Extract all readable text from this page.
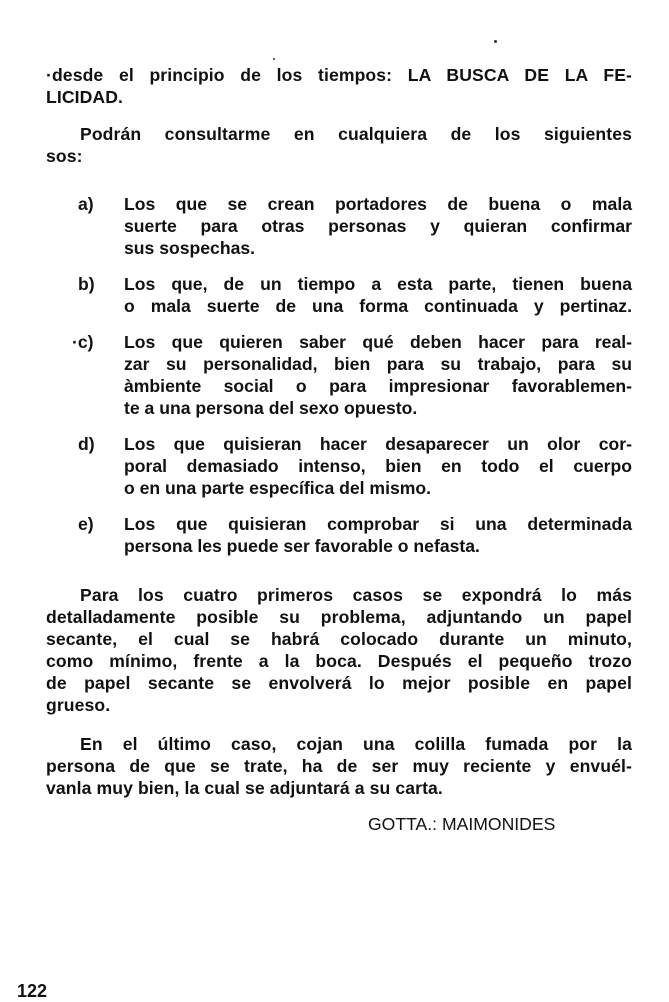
·desde el principio de los tiempos: LA BUSCA DE LA FE-
LICIDAD.
Podrán consultarme en cualquiera de los siguientes
sos:
a) Los que se crean portadores de buena o mala
suerte para otras personas y quieran confirmar
sus sospechas.
b) Los que, de un tiempo a esta parte, tienen buena
o mala suerte de una forma continuada y pertinaz.
·c) Los que quieren saber qué deben hacer para real-
zar su personalidad, bien para su trabajo, para su
àmbiente social o para impresionar favorablemen-
te a una persona del sexo opuesto.
d) Los que quisieran hacer desaparecer un olor cor-
poral demasiado intenso, bien en todo el cuerpo
o en una parte específica del mismo.
e) Los que quisieran comprobar si una determinada
persona les puede ser favorable o nefasta.
Para los cuatro primeros casos se expondrá lo más
detalladamente posible su problema, adjuntando un papel
secante, el cual se habrá colocado durante un minuto,
como mínimo, frente a la boca. Después el pequeño trozo
de papel secante se envolverá lo mejor posible en papel
grueso.
En el último caso, cojan una colilla fumada por la
persona de que se trate, ha de ser muy reciente y envuél-
vanla muy bien, la cual se adjuntará a su carta.
GOTTA.: MAIMONIDES
122
